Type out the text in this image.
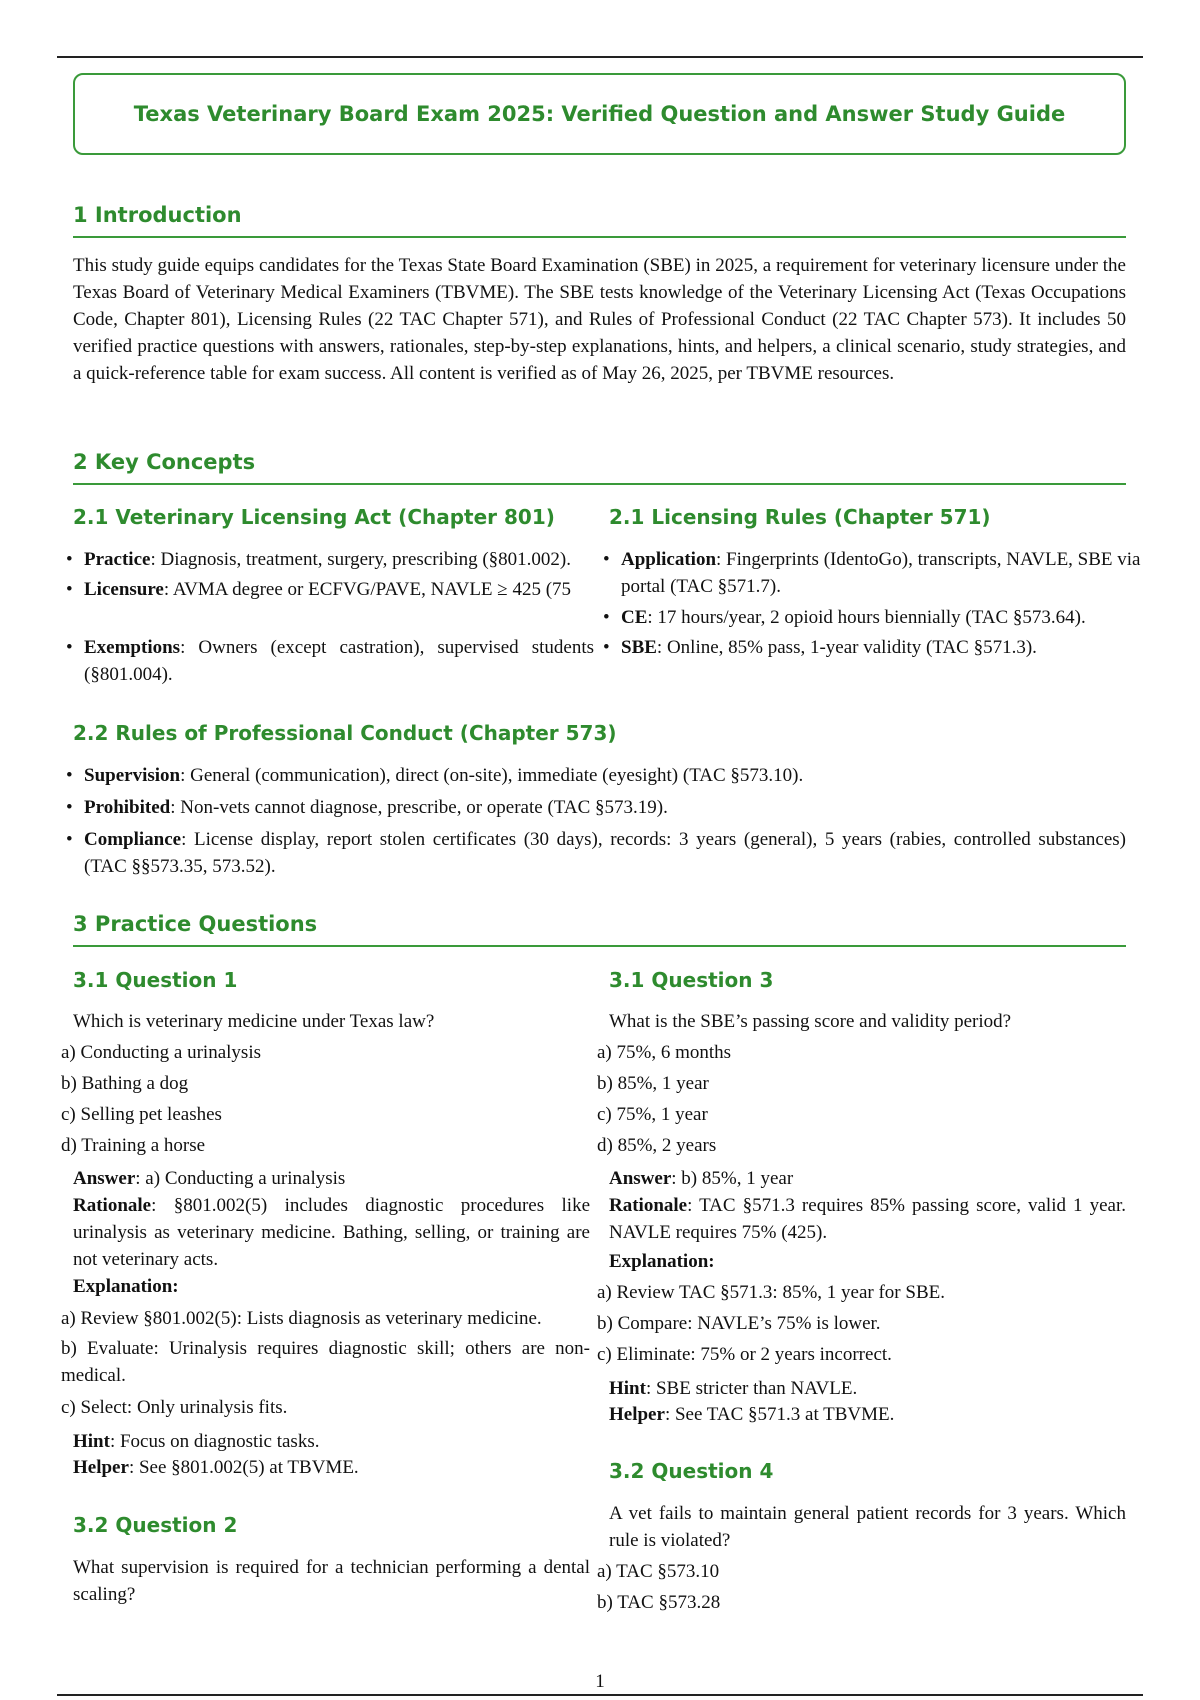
Texas Veterinary Board Exam 2025: Verified Question and Answer Study Guide
1 Introduction
This study guide equips candidates for the Texas State Board Examination (SBE) in 2025, a requirement for veterinary licensure under the Texas Board of Veterinary Medical Examiners (TBVME). The SBE tests knowledge of the Veterinary Licensing Act (Texas Occupations Code, Chapter 801), Licensing Rules (22 TAC Chapter 571), and Rules of Professional Conduct (22 TAC Chapter 573). It includes 50 verified practice questions with answers, rationales, step-by-step explanations, hints, and helpers, a clinical scenario, study strategies, and a quick-reference table for exam success. All content is verified as of May 26, 2025, per TBVME resources.
2 Key Concepts
2.1 Veterinary Licensing Act (Chapter 801)	2.1 Licensing Rules (Chapter 571)
• Practice: Diagnosis, treatment, surgery, prescribing (§801.002).
• Licensure: AVMA degree or ECFVG/PAVE, NAVLE ≥ 425 (75
• Exemptions: Owners (except castration), supervised students (§801.004).
• Application: Fingerprints (IdentoGo), transcripts, NAVLE, SBE via portal (TAC §571.7).
• CE: 17 hours/year, 2 opioid hours biennially (TAC §573.64).
• SBE: Online, 85% pass, 1-year validity (TAC §571.3).
2.2 Rules of Professional Conduct (Chapter 573)
• Supervision: General (communication), direct (on-site), immediate (eyesight) (TAC §573.10).
• Prohibited: Non-vets cannot diagnose, prescribe, or operate (TAC §573.19).
• Compliance: License display, report stolen certificates (30 days), records: 3 years (general), 5 years (rabies, controlled substances) (TAC §§573.35, 573.52).
3 Practice Questions
3.1 Question 1
Which is veterinary medicine under Texas law?
a) Conducting a urinalysis
b) Bathing a dog
c) Selling pet leashes
d) Training a horse
Answer: a) Conducting a urinalysis
Rationale: §801.002(5) includes diagnostic procedures like urinalysis as veterinary medicine. Bathing, selling, or training are not veterinary acts.
Explanation:
a) Review §801.002(5): Lists diagnosis as veterinary medicine.
b) Evaluate: Urinalysis requires diagnostic skill; others are non-medical.
c) Select: Only urinalysis fits.
Hint: Focus on diagnostic tasks.
Helper: See §801.002(5) at TBVME.
3.2 Question 2
What supervision is required for a technician performing a dental scaling?
3.1 Question 3
What is the SBE’s passing score and validity period?
a) 75%, 6 months
b) 85%, 1 year
c) 75%, 1 year
d) 85%, 2 years
Answer: b) 85%, 1 year
Rationale: TAC §571.3 requires 85% passing score, valid 1 year. NAVLE requires 75% (425).
Explanation:
a) Review TAC §571.3: 85%, 1 year for SBE.
b) Compare: NAVLE’s 75% is lower.
c) Eliminate: 75% or 2 years incorrect.
Hint: SBE stricter than NAVLE.
Helper: See TAC §571.3 at TBVME.
3.2 Question 4
A vet fails to maintain general patient records for 3 years. Which rule is violated?
a) TAC §573.10
b) TAC §573.28
1
